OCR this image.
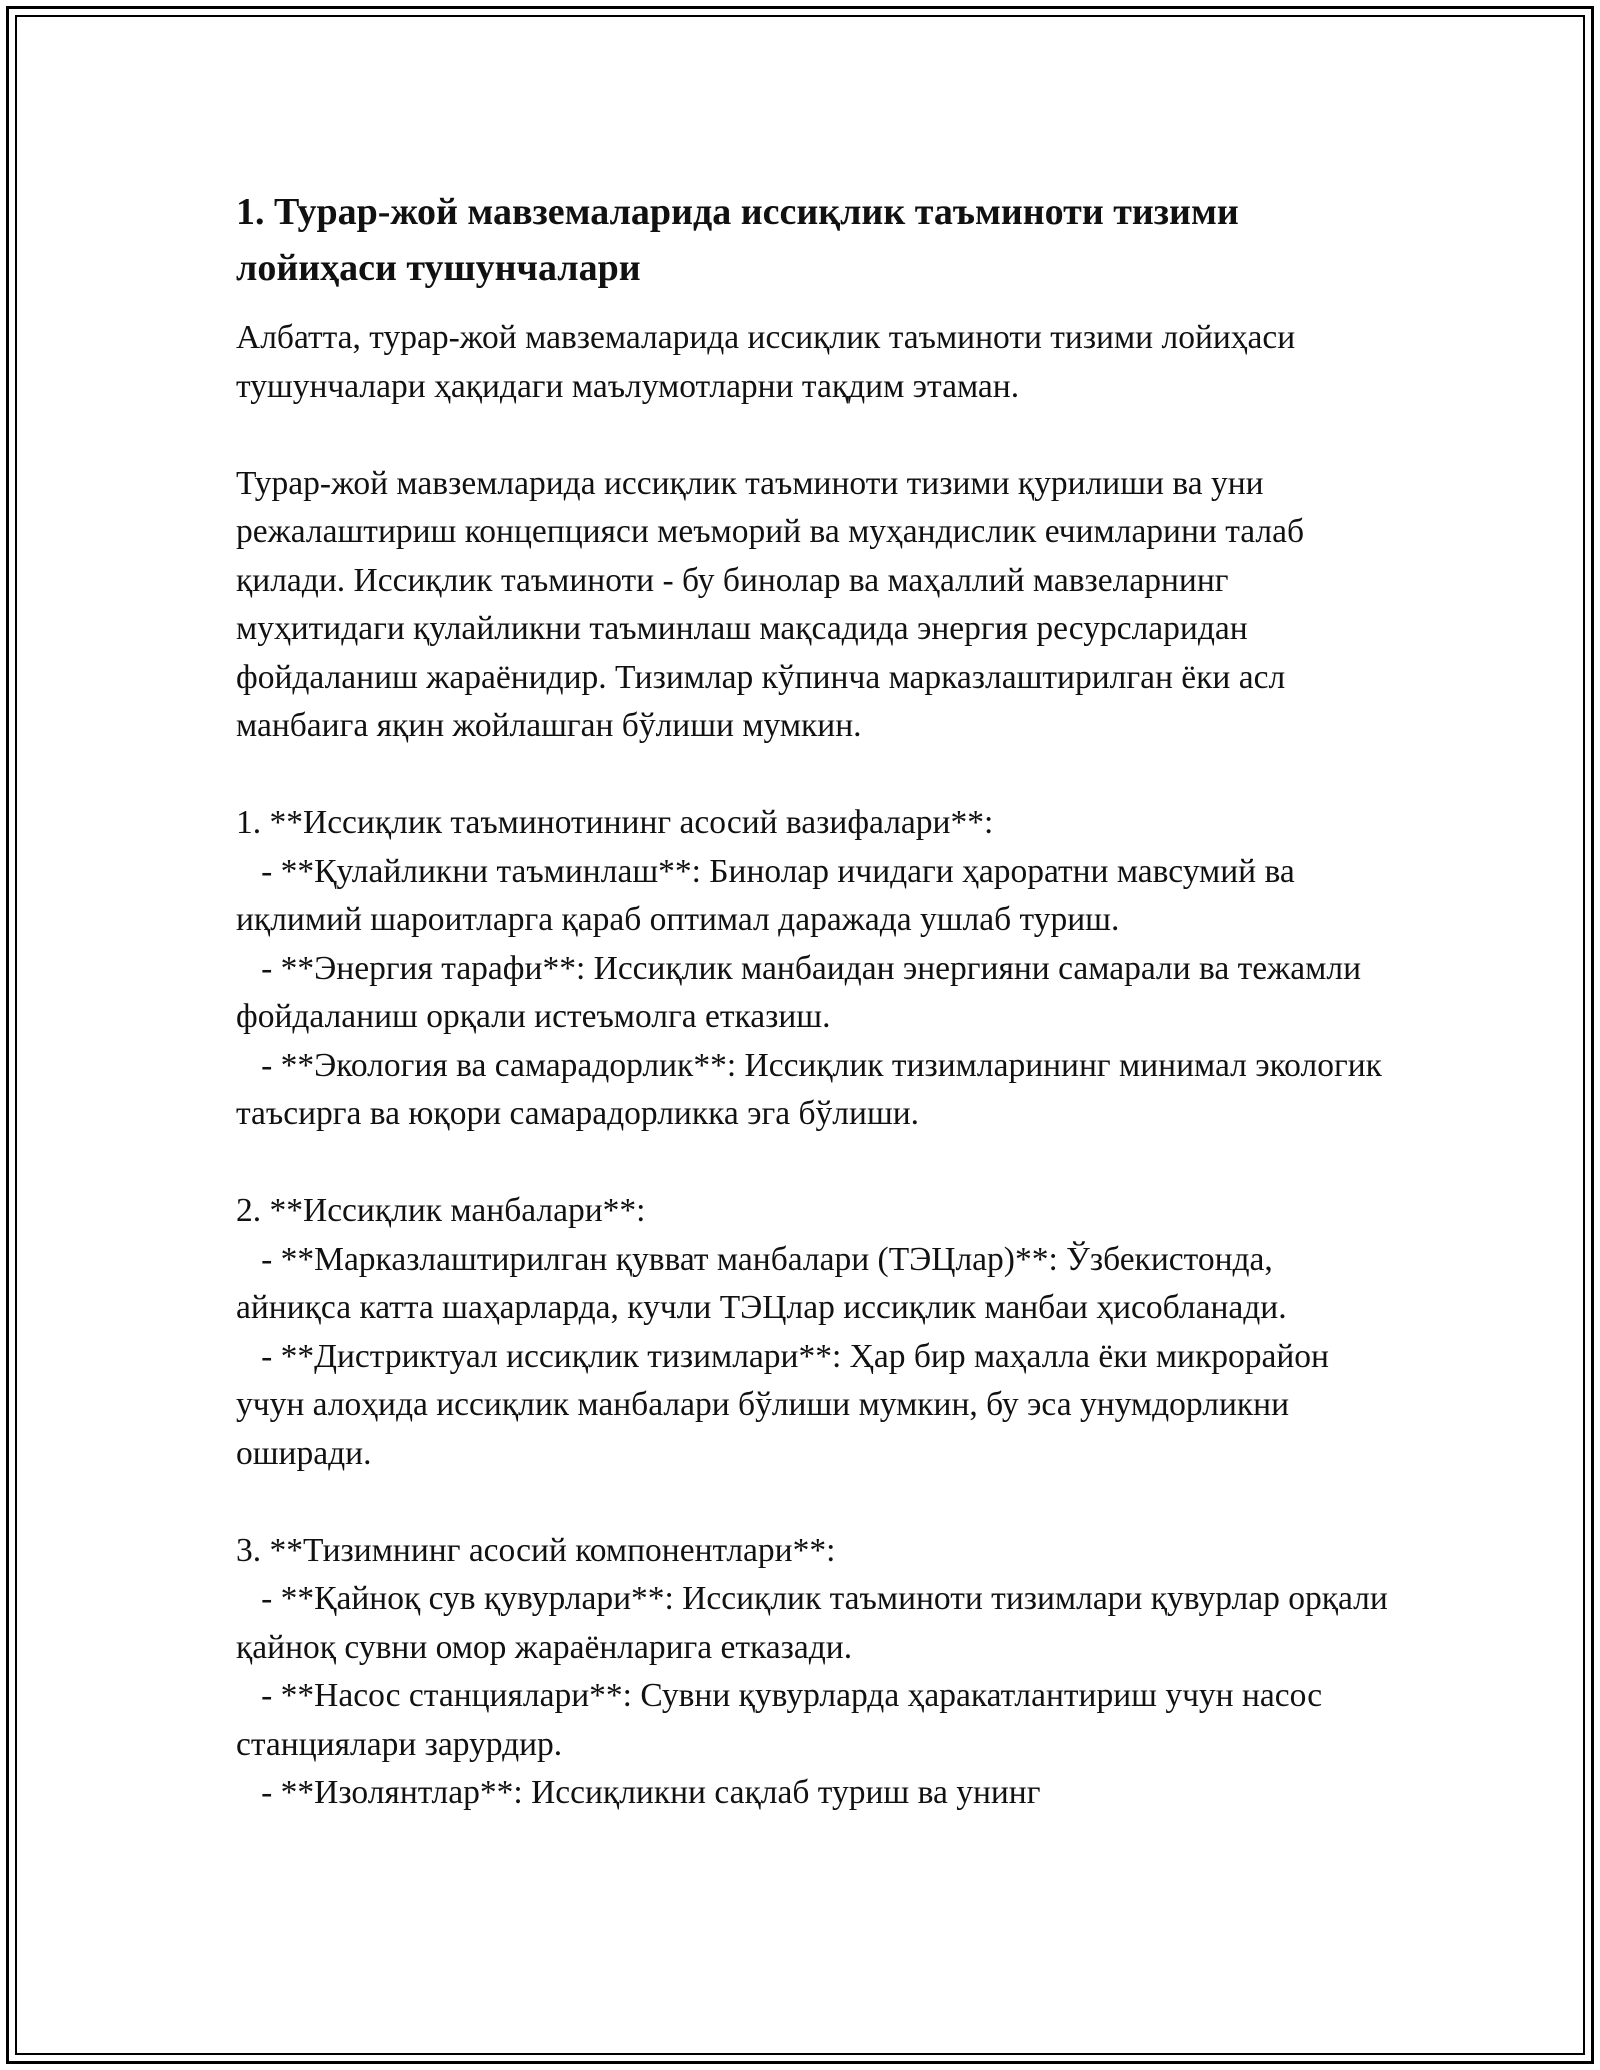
1. Турар-жой мавземаларида иссиқлик таъминоти тизими лойиҳаси тушунчалари

Албатта, турар-жой мавземаларида иссиқлик таъминоти тизими лойиҳаси тушунчалари ҳақидаги маълумотларни тақдим этаман.

Турар-жой мавземларида иссиқлик таъминоти тизими қурилиши ва уни режалаштириш концепцияси меъморий ва муҳандислик ечимларини талаб қилади. Иссиқлик таъминоти - бу бинолар ва маҳаллий мавзеларнинг муҳитидаги қулайликни таъминлаш мақсадида энергия ресурсларидан фойдаланиш жараёнидир. Тизимлар кўпинча марказлаштирилган ёки асл манбаига яқин жойлашган бўлиши мумкин.

1. **Иссиқлик таъминотининг асосий вазифалари**:

- **Қулайликни таъминлаш**: Бинолар ичидаги ҳароратни мавсумий ва иқлимий шароитларга қараб оптимал даражада ушлаб туриш.

- **Энергия тарафи**: Иссиқлик манбаидан энергияни самарали ва тежамли фойдаланиш орқали истеъмолга етказиш.

- **Экология ва самарадорлик**: Иссиқлик тизимларининг минимал экологик таъсирга ва юқори самарадорликка эга бўлиши.

2. **Иссиқлик манбалари**:

- **Марказлаштирилган қувват манбалари (ТЭЦлар)**: Ўзбекистонда, айниқса катта шаҳарларда, кучли ТЭЦлар иссиқлик манбаи ҳисобланади.

- **Дистриктуал иссиқлик тизимлари**: Ҳар бир маҳалла ёки микрорайон учун алоҳида иссиқлик манбалари бўлиши мумкин, бу эса унумдорликни оширади.

3. **Тизимнинг асосий компонентлари**:

- **Қайноқ сув қувурлари**: Иссиқлик таъминоти тизимлари қувурлар орқали қайноқ сувни омор жараёнларига етказади.

- **Насос станциялари**: Сувни қувурларда ҳаракатлантириш учун насос станциялари зарурдир.

- **Изолянтлар**: Иссиқликни сақлаб туриш ва унинг
